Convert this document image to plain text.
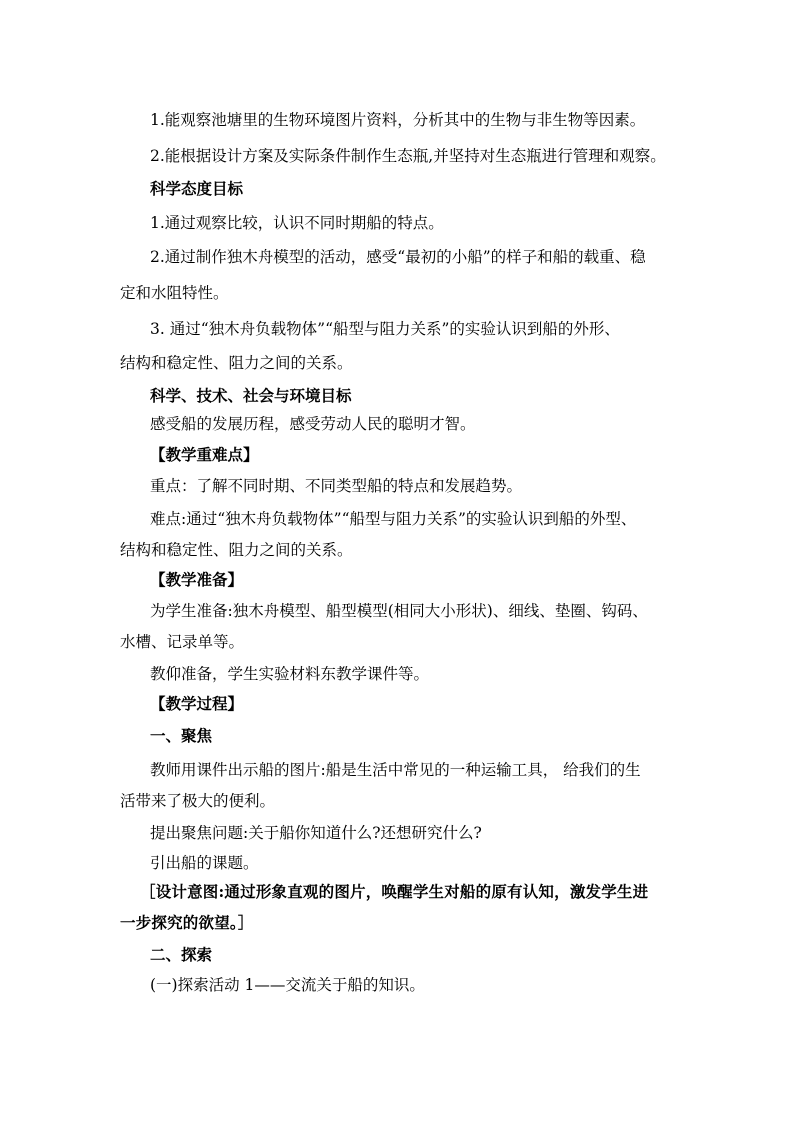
1.能观察池塘里的生物环境图片资料，分析其中的生物与非生物等因素。
2.能根据设计方案及实际条件制作生态瓶,并坚持对生态瓶进行管理和观察。
科学态度目标
1.通过观察比较，认识不同时期船的特点。
2.通过制作独木舟模型的活动，感受“最初的小船”的样子和船的载重、稳
定和水阻特性。
3. 通过“独木舟负载物体”“船型与阻力关系”的实验认识到船的外形、
结构和稳定性、阻力之间的关系。
科学、技术、社会与环境目标
感受船的发展历程，感受劳动人民的聪明才智。
【教学重难点】
重点：了解不同时期、不同类型船的特点和发展趋势。
难点:通过“独木舟负载物体”“船型与阻力关系”的实验认识到船的外型、
结构和稳定性、阻力之间的关系。
【教学准备】
为学生准备:独木舟模型、船型模型(相同大小形状)、细线、垫圈、钩码、
水槽、记录单等。
教仰准备，学生实验材料东教学课件等。
【教学过程】
一、聚焦
教师用课件出示船的图片:船是生活中常见的一种运输工具， 给我们的生
活带来了极大的便利。
提出聚焦问题:关于船你知道什么?还想研究什么?
引出船的课题。
［设计意图:通过形象直观的图片，唤醒学生对船的原有认知，激发学生进
一步探究的欲望。］
二、探索
(一)探索活动 1——交流关于船的知识。
